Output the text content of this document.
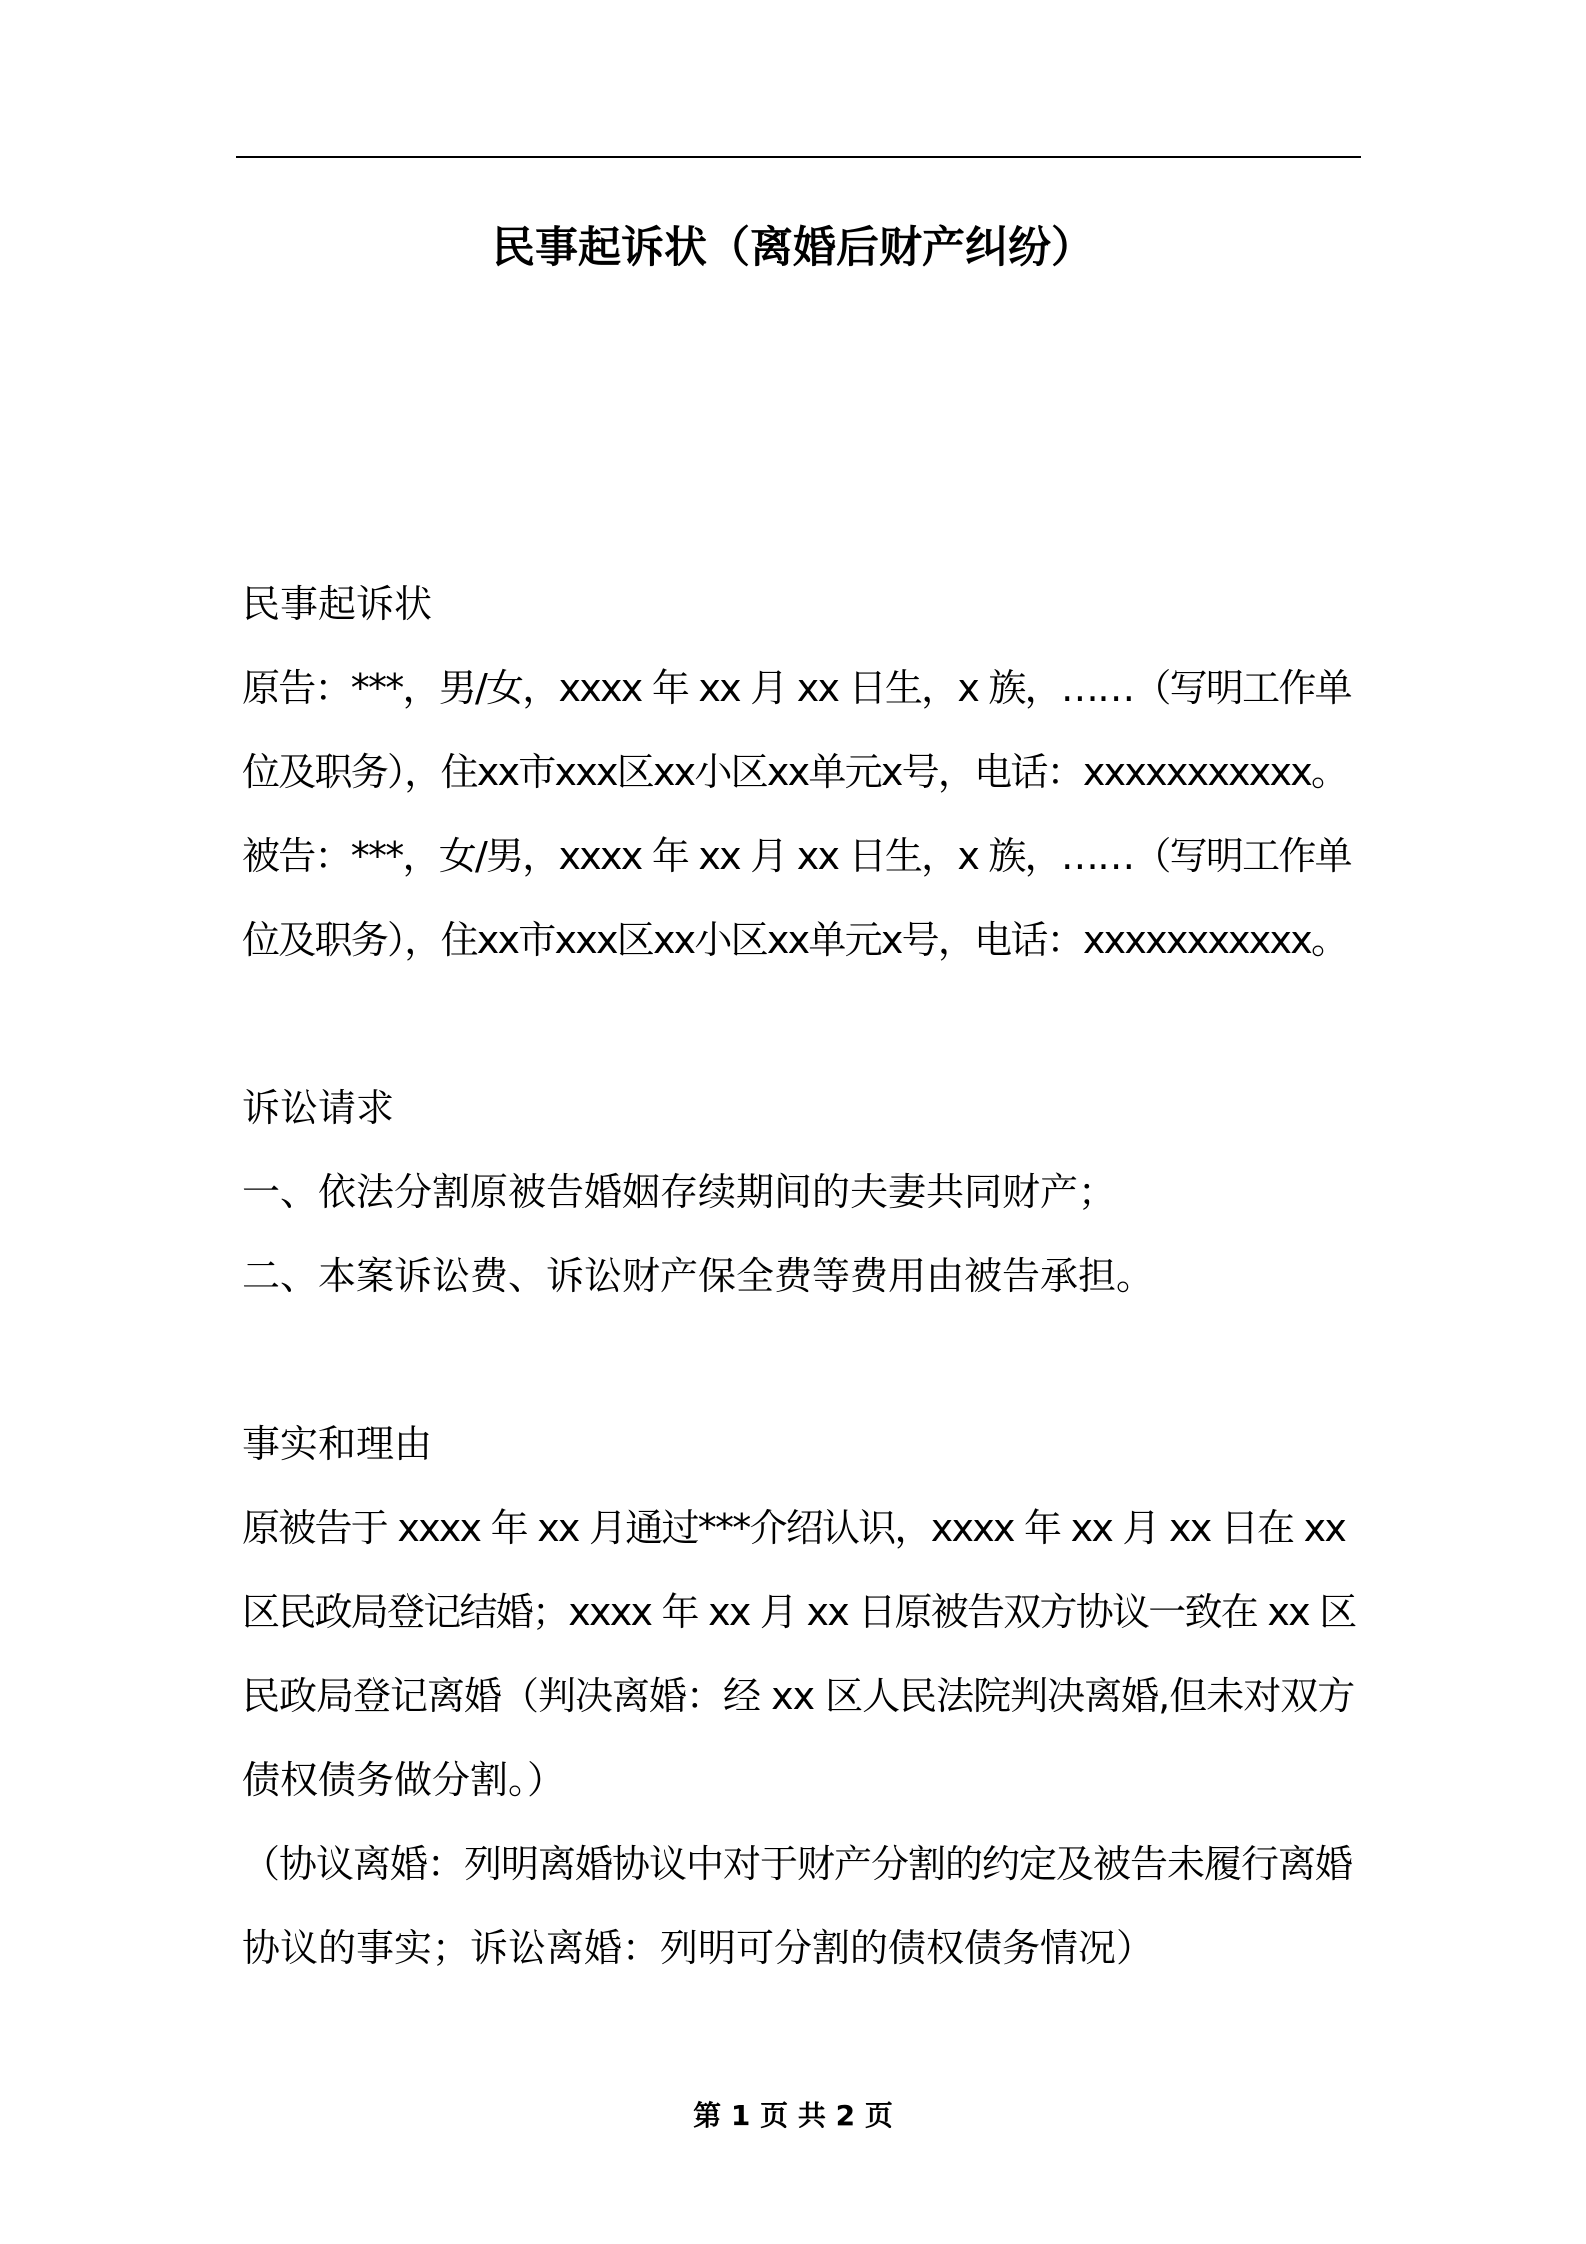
民事起诉状（离婚后财产纠纷）
民事起诉状
原告：***，男/女，xxxx 年 xx 月 xx 日生，x 族，……（写明工作单
位及职务），住xx市xxx区xx小区xx单元x号，电话：xxxxxxxxxxx。
被告：***，女/男，xxxx 年 xx 月 xx 日生，x 族，……（写明工作单
位及职务），住xx市xxx区xx小区xx单元x号，电话：xxxxxxxxxxx。
诉讼请求
一、依法分割原被告婚姻存续期间的夫妻共同财产；
二、本案诉讼费、诉讼财产保全费等费用由被告承担。
事实和理由
原被告于 xxxx 年 xx 月通过***介绍认识，xxxx 年 xx 月 xx 日在 xx
区民政局登记结婚；xxxx 年 xx 月 xx 日原被告双方协议一致在 xx 区
民政局登记离婚（判决离婚：经 xx 区人民法院判决离婚,但未对双方
债权债务做分割。）
（协议离婚：列明离婚协议中对于财产分割的约定及被告未履行离婚
协议的事实；诉讼离婚：列明可分割的债权债务情况）
第 1 页 共 2 页
